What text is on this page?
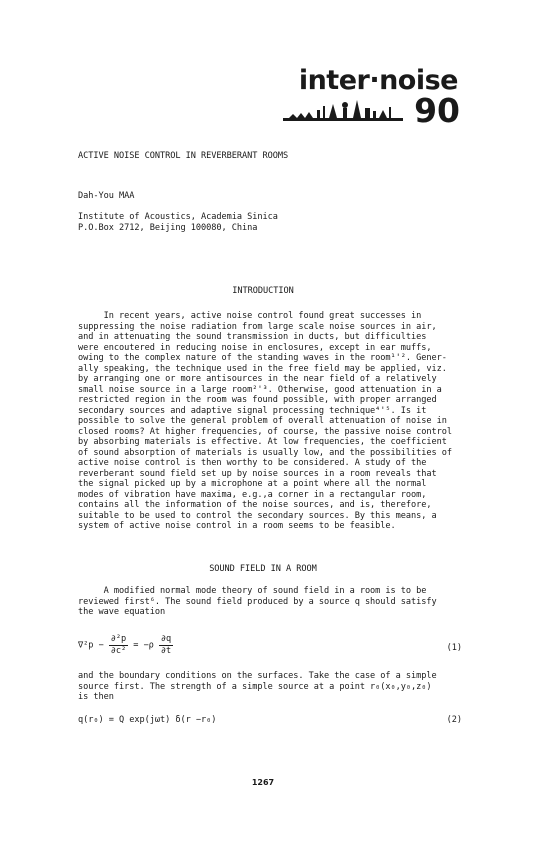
inter·noise
90
ACTIVE NOISE CONTROL IN REVERBERANT ROOMS
Dah-You MAA
Institute of Acoustics, Academia Sinica
P.O.Box 2712, Beijing 100080, China
INTRODUCTION
In recent years, active noise control found great successes in
suppressing the noise radiation from large scale noise sources in air,
and in attenuating the sound transmission in ducts, but difficulties
were encoutered in reducing noise in enclosures, except in ear muffs,
owing to the complex nature of the standing waves in the room¹'². Gener-
ally speaking, the technique used in the free field may be applied, viz.
by arranging one or more antisources in the near field of a relatively
small noise source in a large room²'³. Otherwise, good attenuation in a
restricted region in the room was found possible, with proper arranged
secondary sources and adaptive signal processing technique⁴'⁵. Is it
possible to solve the general problem of overall attenuation of noise in
closed rooms? At higher frequencies, of course, the passive noise control
by absorbing materials is effective. At low frequencies, the coefficient
of sound absorption of materials is usually low, and the possibilities of
active noise control is then worthy to be considered. A study of the
reverberant sound field set up by noise sources in a room reveals that
the signal picked up by a microphone at a point where all the normal
modes of vibration have maxima, e.g.,a corner in a rectangular room,
contains all the information of the noise sources, and is, therefore,
suitable to be used to control the secondary sources. By this means, a
system of active noise control in a room seems to be feasible.
SOUND FIELD IN A ROOM
A modified normal mode theory of sound field in a room is to be
reviewed first⁶. The sound field produced by a source q should satisfy
the wave equation
$\nabla^2p - \frac{\text{∂²p}}{\text{∂c²}} = -\rho \frac{\partial q}{\partial t}$	(1)
and the boundary conditions on the surfaces. Take the case of a simple
source first. The strength of a simple source at a point r₀(x₀,y₀,z₀)
is then
q(r₀) = Q exp(jωt) δ(r −r₀)	(2)
1267
